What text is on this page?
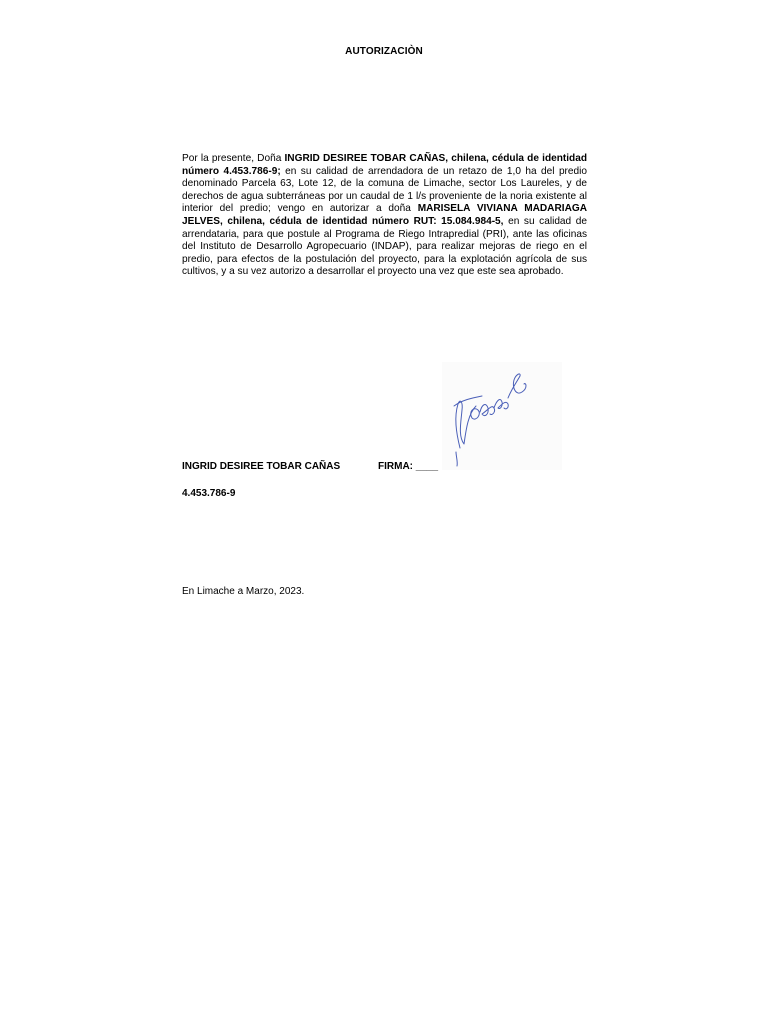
AUTORIZACIÒN
Por la presente, Doña INGRID DESIREE TOBAR CAÑAS, chilena, cédula de identidad número 4.453.786-9; en su calidad de arrendadora de un retazo de 1,0 ha del predio denominado Parcela 63, Lote 12, de la comuna de Limache, sector Los Laureles, y de derechos de agua subterráneas por un caudal de 1 l/s proveniente de la noria existente al interior del predio; vengo en autorizar a doña MARISELA VIVIANA MADARIAGA JELVES, chilena, cédula de identidad número RUT: 15.084.984-5, en su calidad de arrendataria, para que postule al Programa de Riego Intrapredial (PRI), ante las oficinas del Instituto de Desarrollo Agropecuario (INDAP), para realizar mejoras de riego en el predio, para efectos de la postulación del proyecto, para la explotación agrícola de sus cultivos, y a su vez autorizo a desarrollar el proyecto una vez que este sea aprobado.
INGRID DESIREE TOBAR CAÑAS	FIRMA: ____
4.453.786-9
En Limache a Marzo, 2023.
